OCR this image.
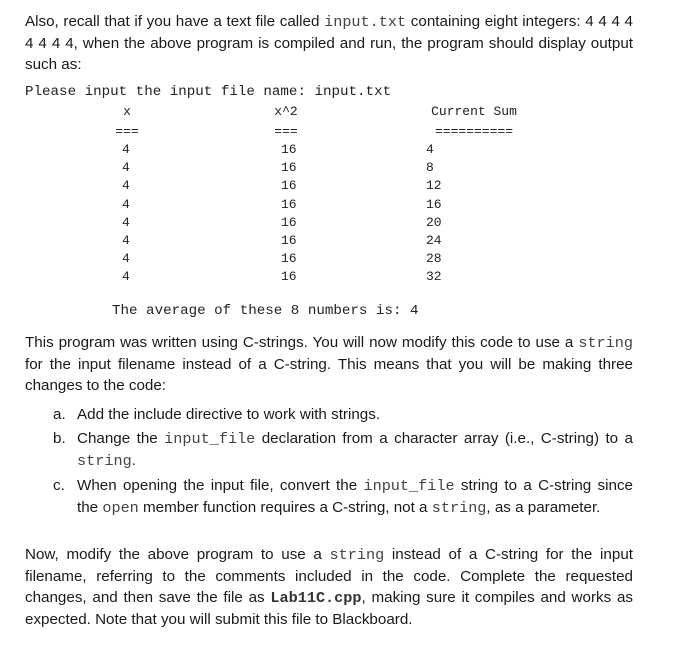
Also, recall that if you have a text file called input.txt containing eight integers: 4 4 4 4 4 4 4 4, when the above program is compiled and run, the program should display output such as:

Please input the input file name: input.txt
x	x^2	Current Sum
===	===	==========
4	16	4
4	16	8
4	16	12
4	16	16
4	16	20
4	16	24
4	16	28
4	16	32
The average of these 8 numbers is: 4

This program was written using C-strings. You will now modify this code to use a string for the input filename instead of a C-string. This means that you will be making three changes to the code:

a. Add the include directive to work with strings.
b. Change the input_file declaration from a character array (i.e., C-string) to a string.
c. When opening the input file, convert the input_file string to a C-string since the open member function requires a C-string, not a string, as a parameter.

Now, modify the above program to use a string instead of a C-string for the input filename, referring to the comments included in the code. Complete the requested changes, and then save the file as Lab11C.cpp, making sure it compiles and works as expected. Note that you will submit this file to Blackboard.
